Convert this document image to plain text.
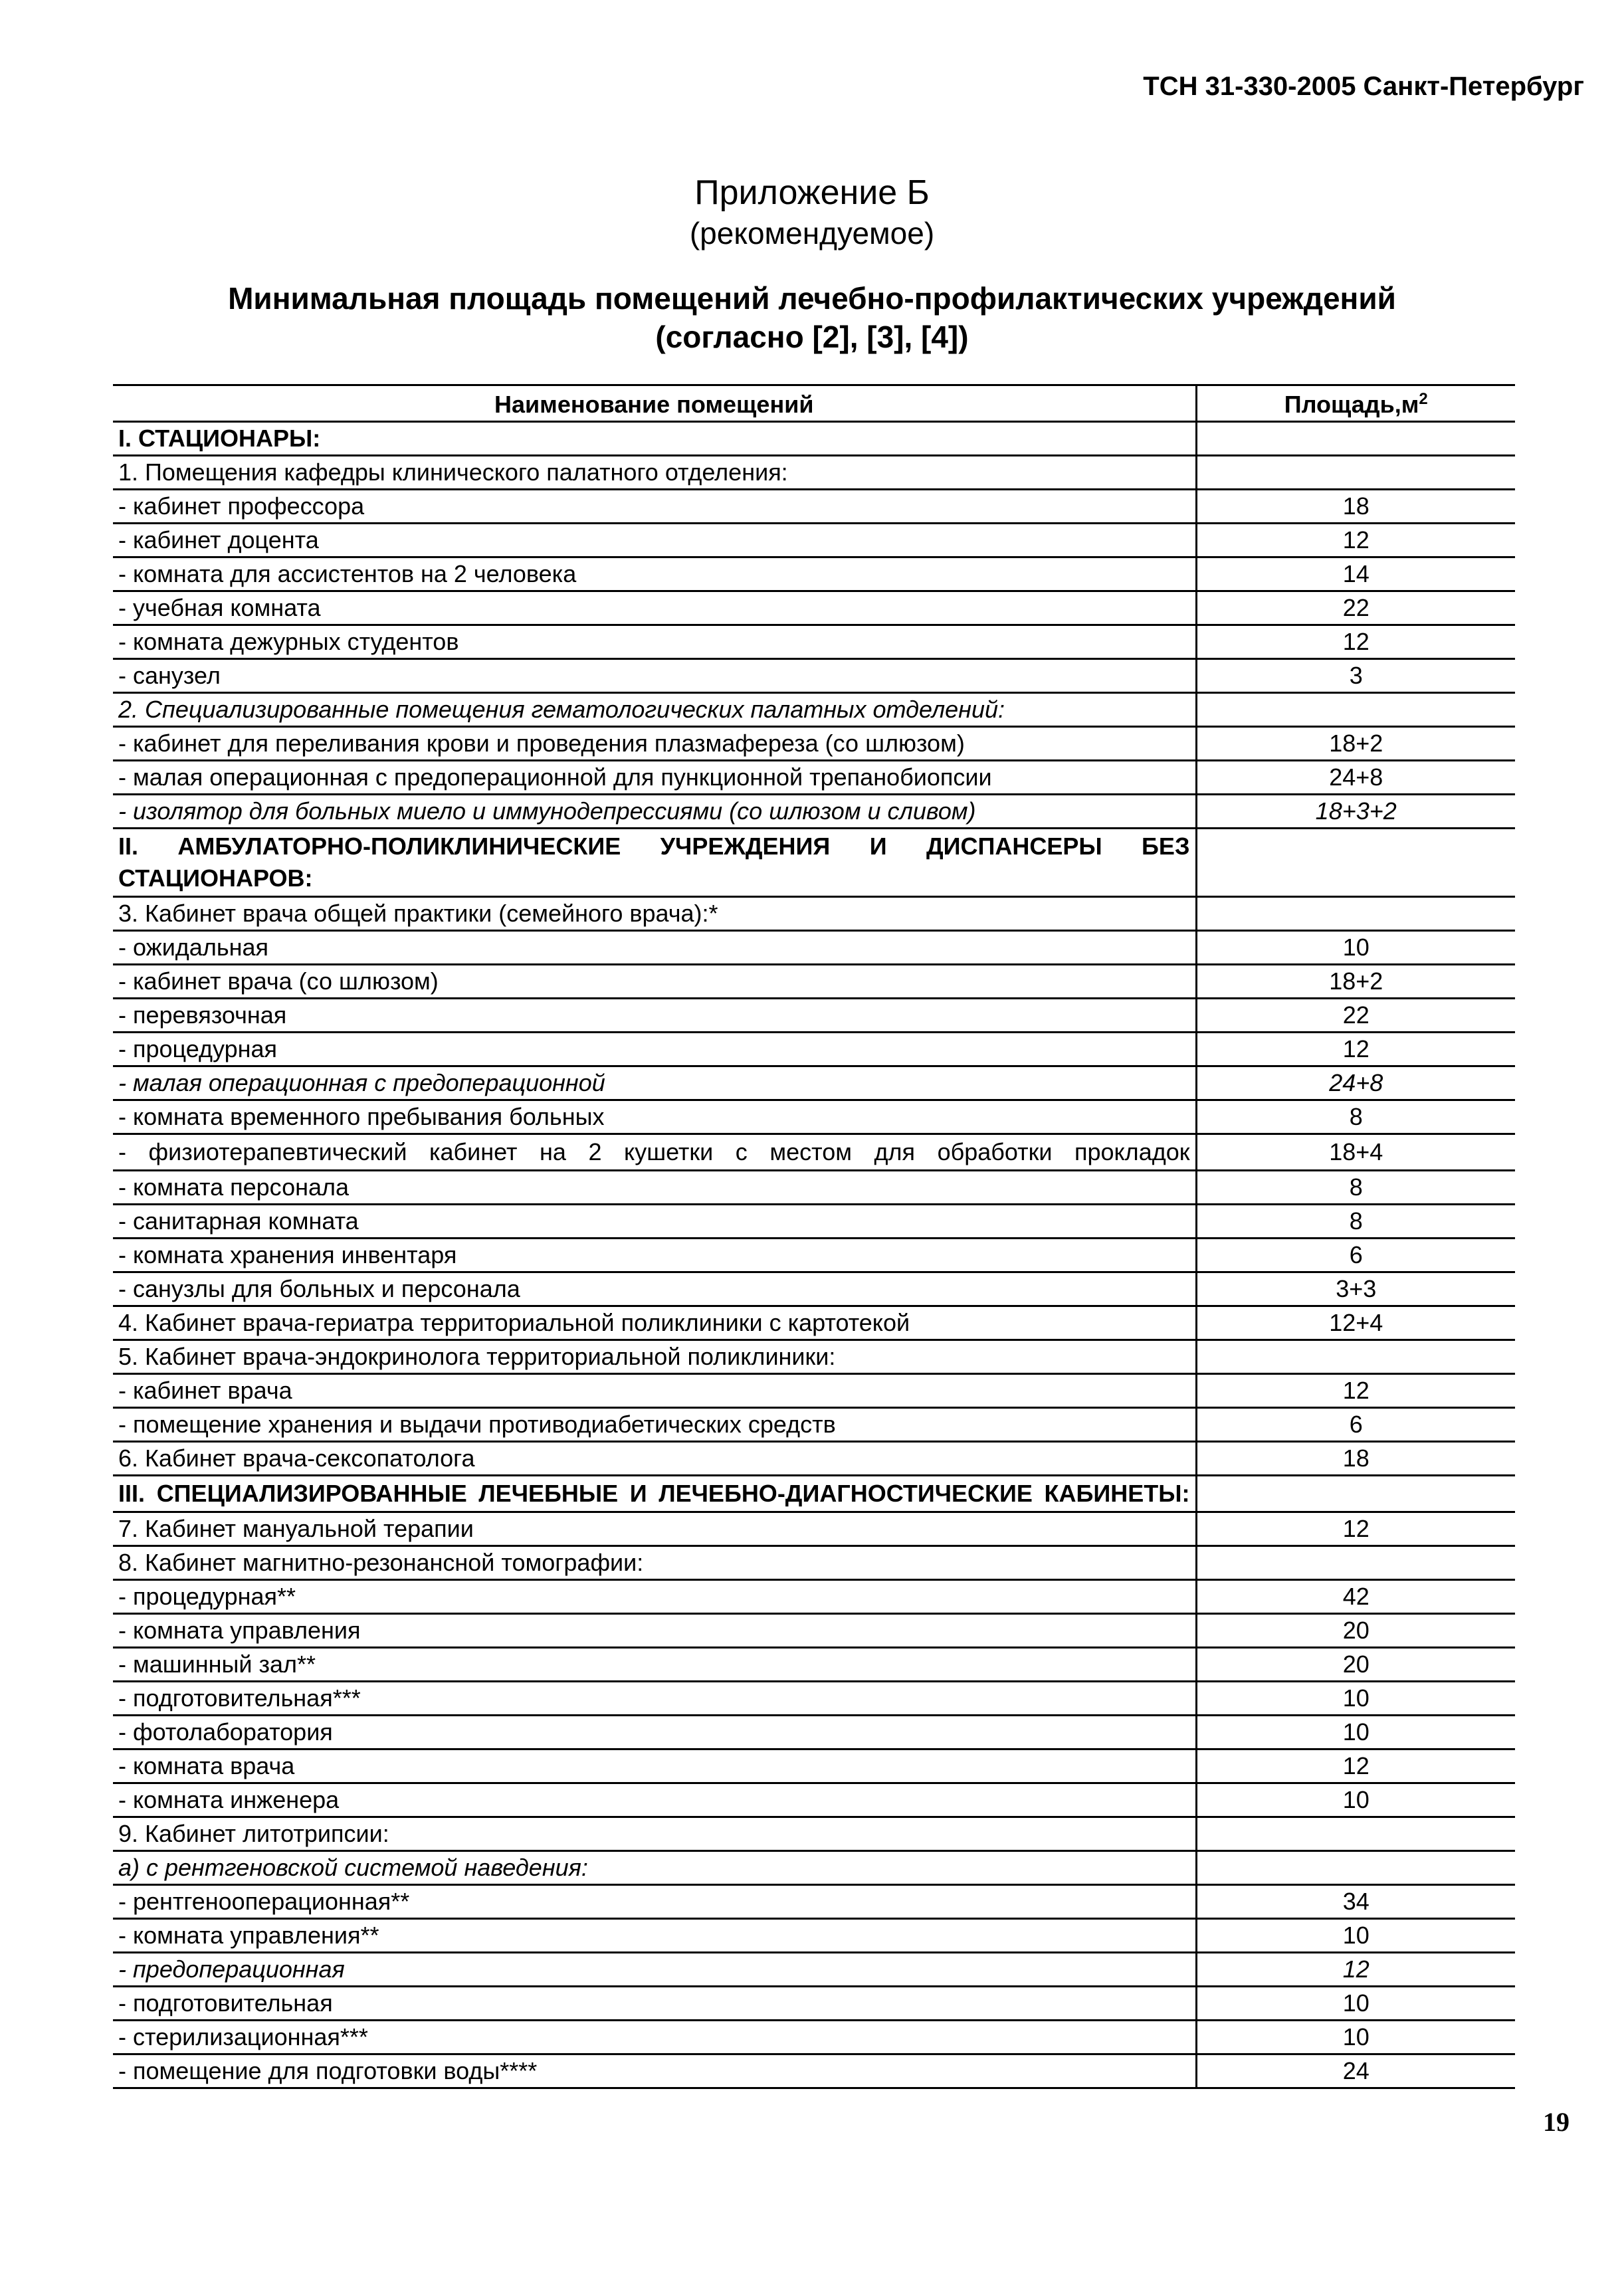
ТСН 31-330-2005 Санкт-Петербург
Приложение Б
(рекомендуемое)
Минимальная площадь помещений лечебно-профилактических учреждений
(согласно [2], [3], [4])
Наименование помещений	$Площадь,м^2$
I. СТАЦИОНАРЫ:	
1. Помещения кафедры клинического палатного отделения:	
- кабинет профессора	18
- кабинет доцента	12
- комната для ассистентов на 2 человека	14
- учебная комната	22
- комната дежурных студентов	12
- санузел	3
2. Специализированные помещения гематологических палатных отделений:	
- кабинет для переливания крови и проведения плазмафереза (со шлюзом)	18+2
- малая операционная с предоперационной для пункционной трепанобиопсии	24+8
- изолятор для больных миело и иммунодепрессиями (со шлюзом и сливом)	18+3+2
II. АМБУЛАТОРНО-ПОЛИКЛИНИЧЕСКИЕ УЧРЕЖДЕНИЯ И ДИСПАНСЕРЫ БЕЗ СТАЦИОНАРОВ:	
3. Кабинет врача общей практики (семейного врача):*	
- ожидальная	10
- кабинет врача (со шлюзом)	18+2
- перевязочная	22
- процедурная	12
- малая операционная с предоперационной	24+8
- комната временного пребывания больных	8
- физиотерапевтический кабинет на 2 кушетки с местом для обработки прокладок	18+4
- комната персонала	8
- санитарная комната	8
- комната хранения инвентаря	6
- санузлы для больных и персонала	3+3
4. Кабинет врача-гериатра территориальной поликлиники с картотекой	12+4
5. Кабинет врача-эндокринолога территориальной поликлиники:	
- кабинет врача	12
- помещение хранения и выдачи противодиабетических средств	6
6. Кабинет врача-сексопатолога	18
III. СПЕЦИАЛИЗИРОВАННЫЕ ЛЕЧЕБНЫЕ И ЛЕЧЕБНО-ДИАГНОСТИЧЕСКИЕ КАБИНЕТЫ:	
7. Кабинет мануальной терапии	12
8. Кабинет магнитно-резонансной томографии:	
- процедурная**	42
- комната управления	20
- машинный зал**	20
- подготовительная***	10
- фотолаборатория	10
- комната врача	12
- комната инженера	10
9. Кабинет литотрипсии:	
а) с рентгеновской системой наведения:	
- рентгенооперационная**	34
- комната управления**	10
- предоперационная	12
- подготовительная	10
- стерилизационная***	10
- помещение для подготовки воды****	24
19
